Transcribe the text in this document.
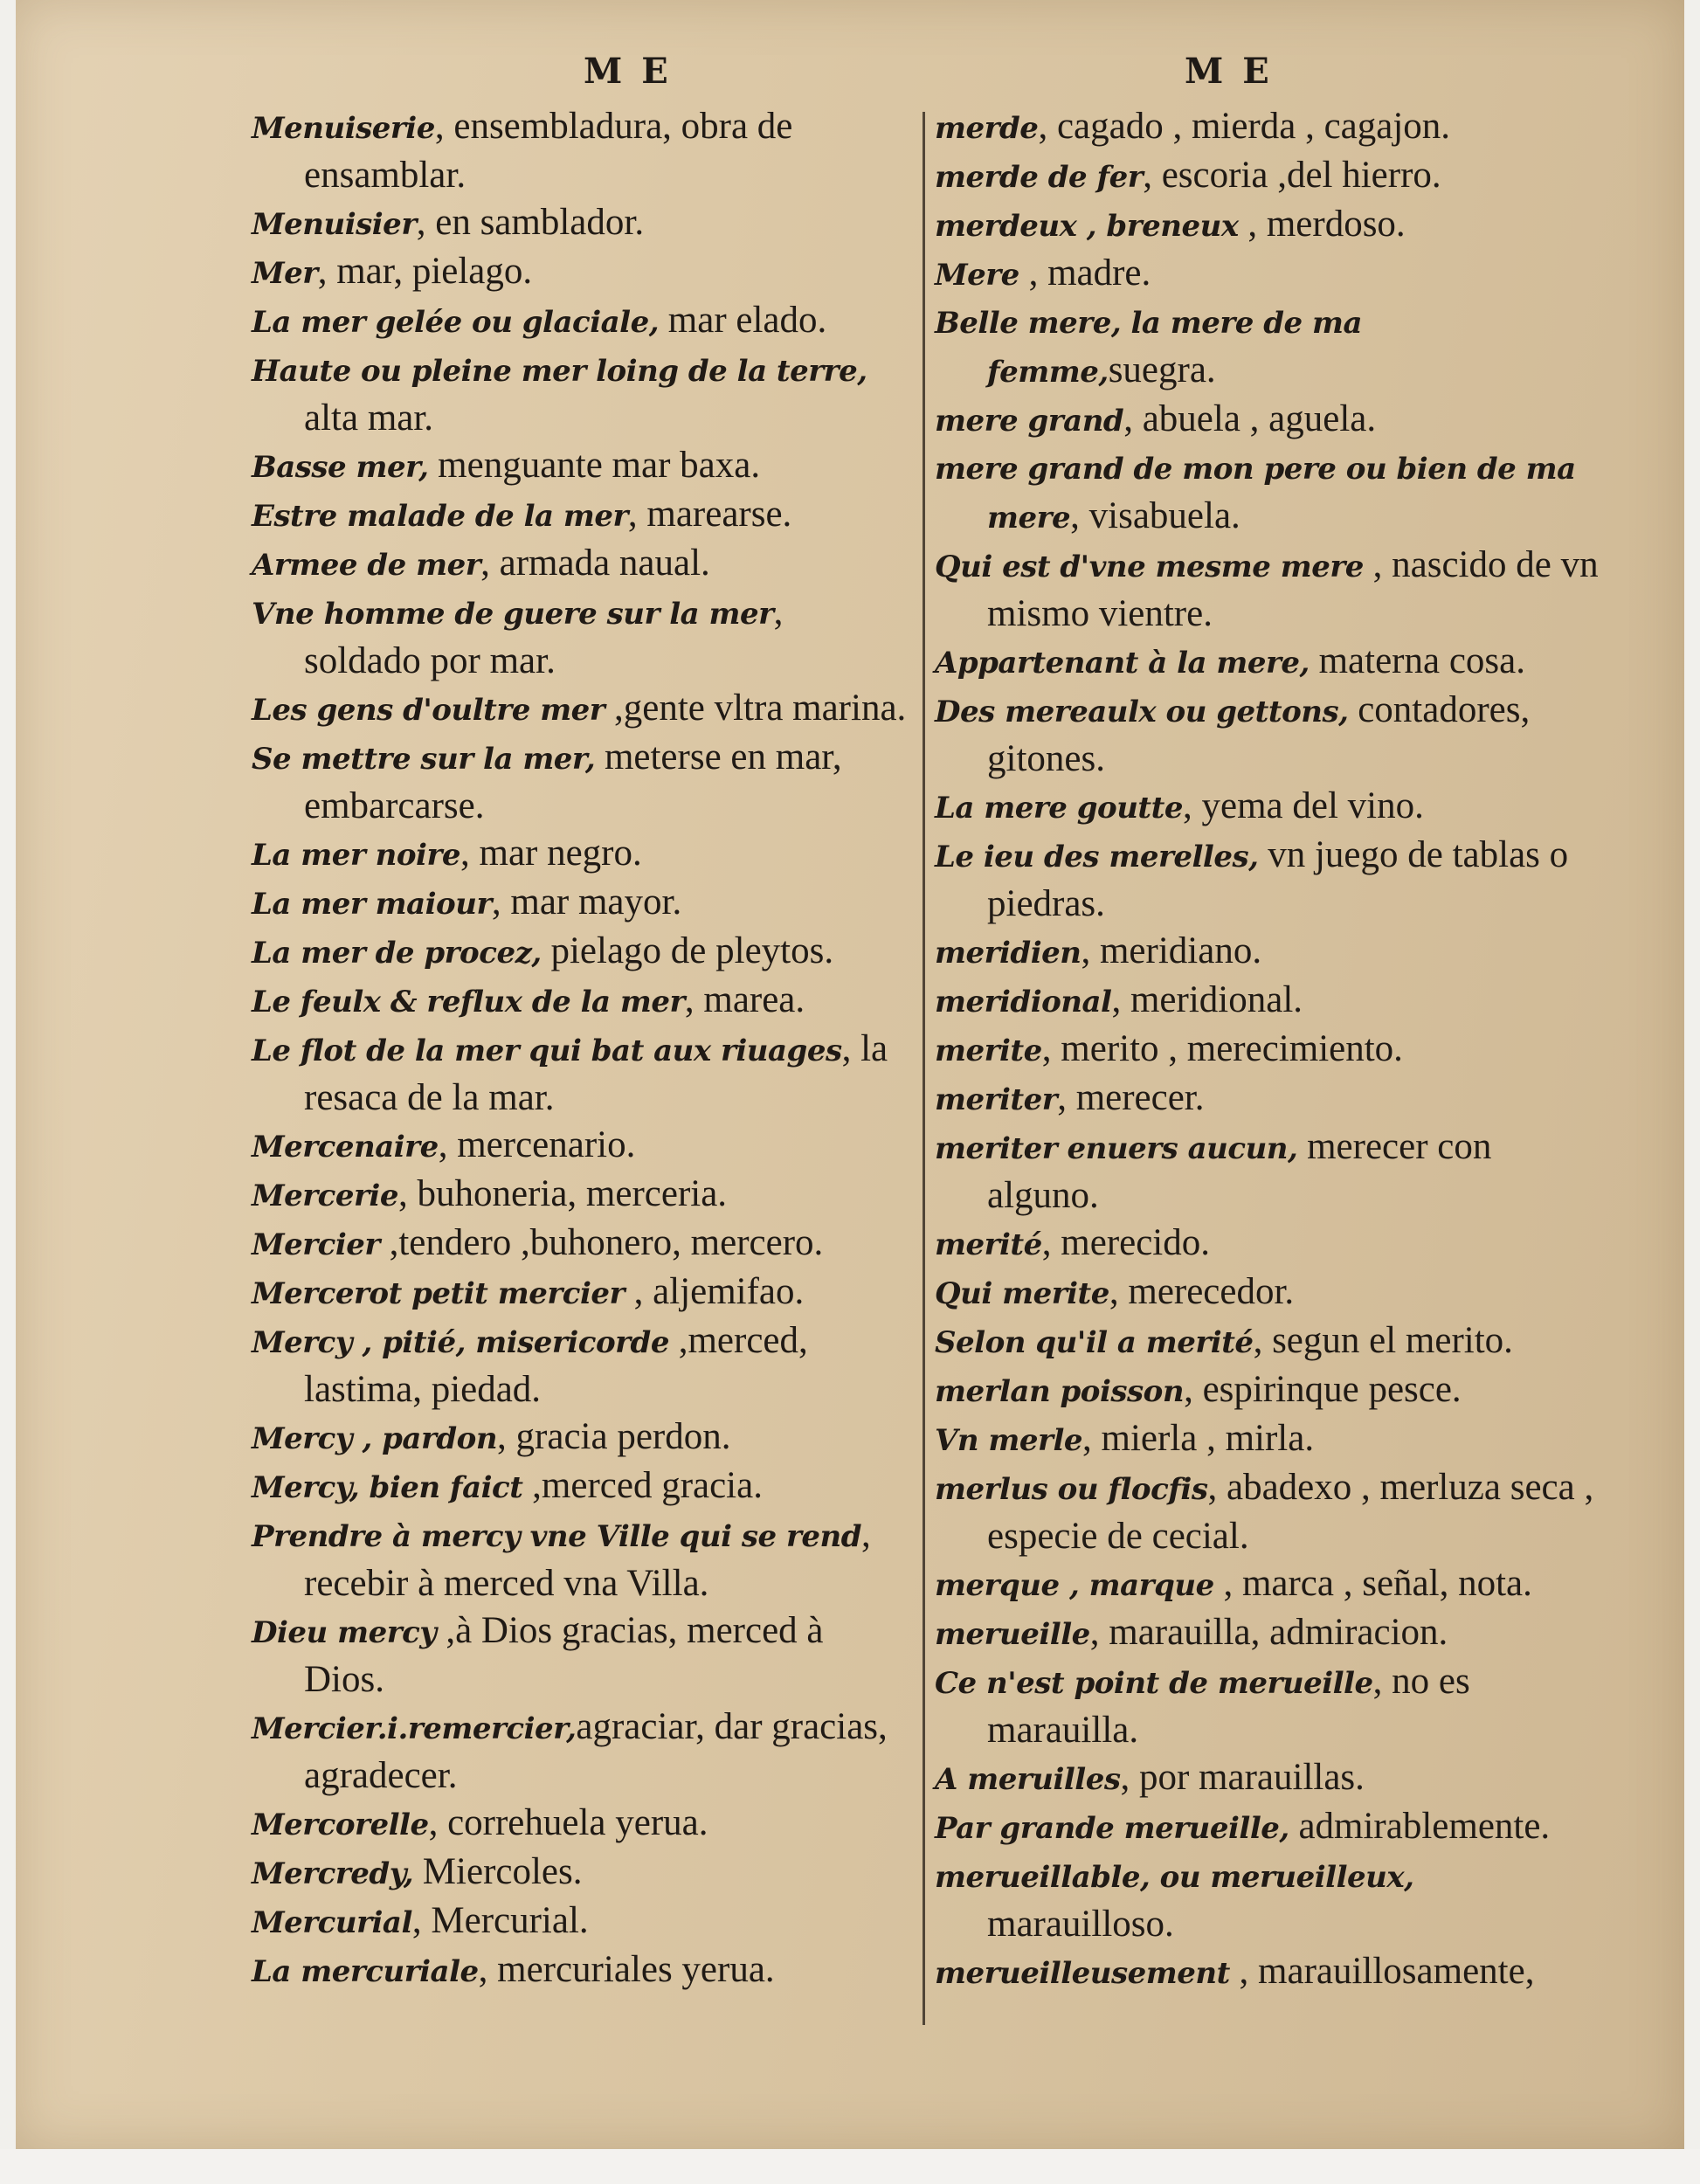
M E	M E
Menuiserie, ensembladura, obra de ensamblar.
Menuisier, en samblador.
Mer, mar, pielago.
La mer gelée ou glaciale, mar elado.
Haute ou pleine mer loing de la terre, alta mar.
Basse mer, menguante mar baxa.
Estre malade de la mer, marearse.
Armee de mer, armada naual.
Vne homme de guere sur la mer, soldado por mar.
Les gens d'oultre mer ,gente vltra marina.
Se mettre sur la mer, meterse en mar, embarcarse.
La mer noire, mar negro.
La mer maiour, mar mayor.
La mer de procez, pielago de pleytos.
Le feulx & reflux de la mer, marea.
Le flot de la mer qui bat aux riuages, la resaca de la mar.
Mercenaire, mercenario.
Mercerie, buhoneria, merceria.
Mercier ,tendero ,buhonero, mercero.
Mercerot petit mercier , aljemifao.
Mercy , pitié, misericorde ,merced, lastima, piedad.
Mercy , pardon, gracia perdon.
Mercy, bien faict ,merced gracia.
Prendre à mercy vne Ville qui se rend, recebir à merced vna Villa.
Dieu mercy ,à Dios gracias, merced à Dios.
Mercier.i.remercier,agraciar, dar gracias, agradecer.
Mercorelle, correhuela yerua.
Mercredy, Miercoles.
Mercurial, Mercurial.
La mercuriale, mercuriales yerua.
merde, cagado , mierda , cagajon.
merde de fer, escoria ,del hierro.
merdeux , breneux , merdoso.
Mere , madre.
Belle mere, la mere de ma femme,suegra.
mere grand, abuela , aguela.
mere grand de mon pere ou bien de ma mere, visabuela.
Qui est d'vne mesme mere , nascido de vn mismo vientre.
Appartenant à la mere, materna cosa.
Des mereaulx ou gettons, contadores, gitones.
La mere goutte, yema del vino.
Le ieu des merelles, vn juego de tablas o piedras.
meridien, meridiano.
meridional, meridional.
merite, merito , merecimiento.
meriter, merecer.
meriter enuers aucun, merecer con alguno.
merité, merecido.
Qui merite, merecedor.
Selon qu'il a merité, segun el merito.
merlan poisson, espirinque pesce.
Vn merle, mierla , mirla.
merlus ou flocfis, abadexo , merluza seca , especie de cecial.
merque , marque , marca , señal, nota.
merueille, marauilla, admiracion.
Ce n'est point de merueille, no es marauilla.
A meruilles, por marauillas.
Par grande merueille, admirablemente.
merueillable, ou merueilleux, marauilloso.
merueilleusement , marauillosamente,
